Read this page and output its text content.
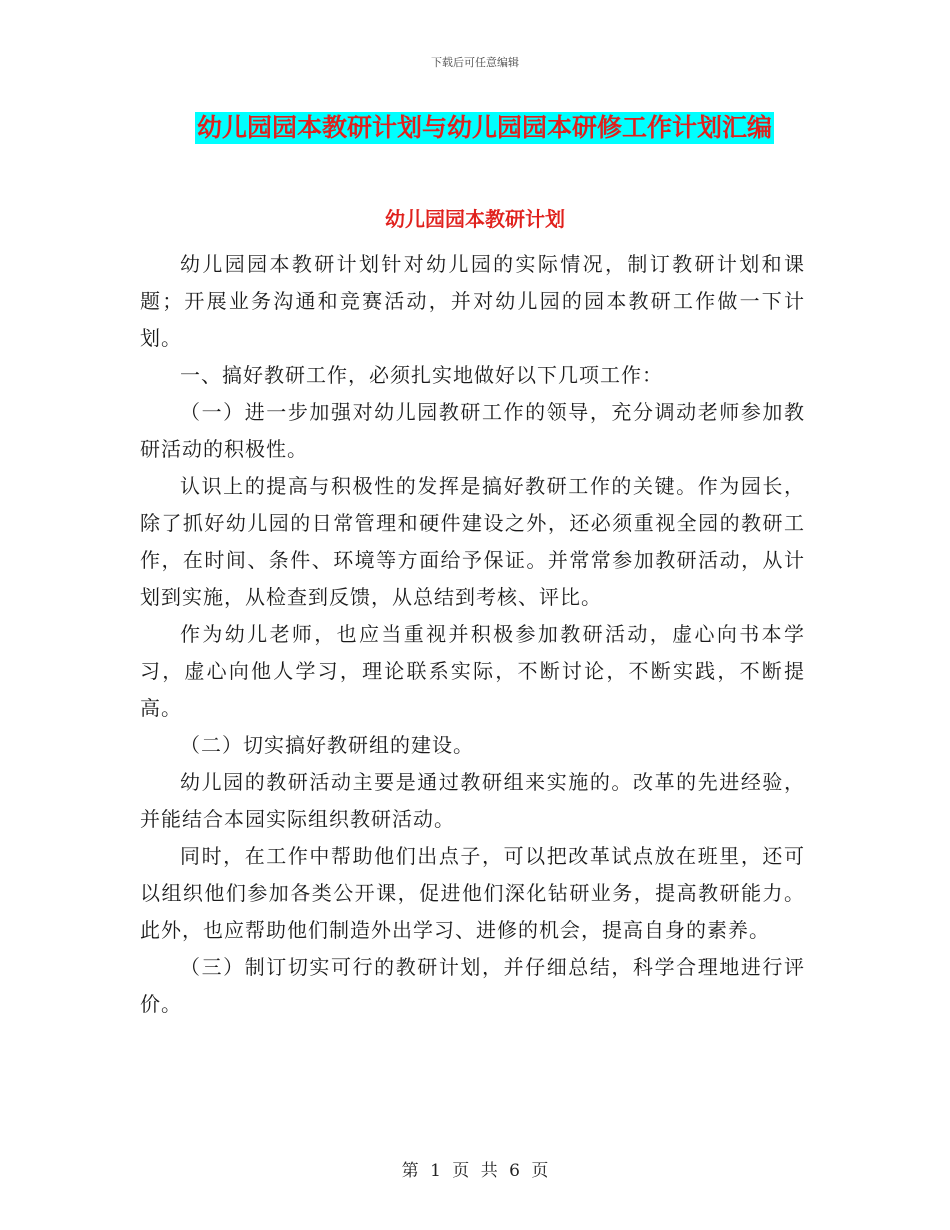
下载后可任意编辑
幼儿园园本教研计划与幼儿园园本研修工作计划汇编
幼儿园园本教研计划

幼儿园园本教研计划针对幼儿园的实际情况，制订教研计划和课题；开展业务沟通和竞赛活动，并对幼儿园的园本教研工作做一下计划。

一、搞好教研工作，必须扎实地做好以下几项工作：

（一）进一步加强对幼儿园教研工作的领导，充分调动老师参加教研活动的积极性。

认识上的提高与积极性的发挥是搞好教研工作的关键。作为园长，除了抓好幼儿园的日常管理和硬件建设之外，还必须重视全园的教研工作，在时间、条件、环境等方面给予保证。并常常参加教研活动，从计划到实施，从检查到反馈，从总结到考核、评比。

作为幼儿老师，也应当重视并积极参加教研活动，虚心向书本学习，虚心向他人学习，理论联系实际，不断讨论，不断实践，不断提高。

（二）切实搞好教研组的建设。

幼儿园的教研活动主要是通过教研组来实施的。改革的先进经验，并能结合本园实际组织教研活动。

同时，在工作中帮助他们出点子，可以把改革试点放在班里，还可以组织他们参加各类公开课，促进他们深化钻研业务，提高教研能力。此外，也应帮助他们制造外出学习、进修的机会，提高自身的素养。

（三）制订切实可行的教研计划，并仔细总结，科学合理地进行评价。

第 1 页 共 6 页
